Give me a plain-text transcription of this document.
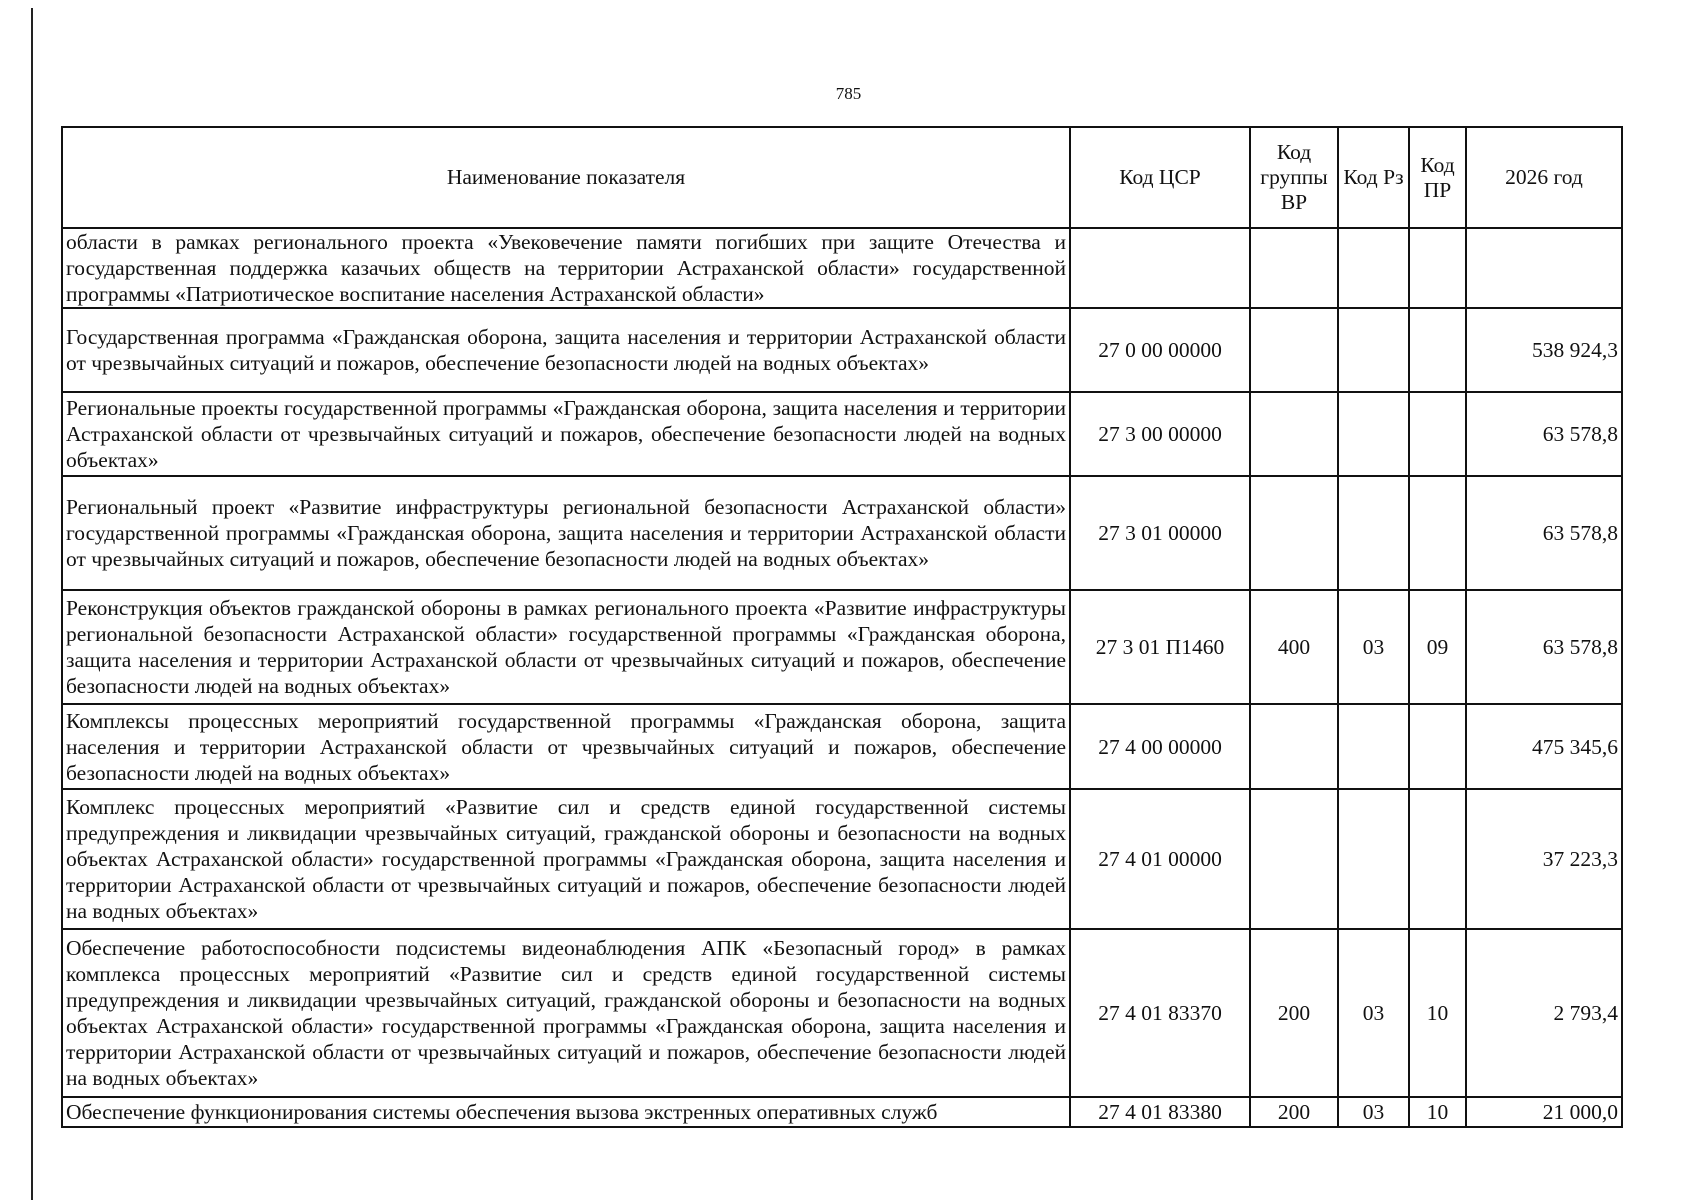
785
Наименование показателя	Код ЦСР	Код группы ВР	Код Рз	Код ПР	2026 год
области в рамках регионального проекта «Увековечение памяти погибших при защите Отечества и государственная поддержка казачьих обществ на территории Астраханской области» государственной программы «Патриотическое воспитание населения Астраханской области»					
Государственная программа «Гражданская оборона, защита населения и территории Астраханской области от чрезвычайных ситуаций и пожаров, обеспечение безопасности людей на водных объектах»	27 0 00 00000				538 924,3
Региональные проекты государственной программы «Гражданская оборона, защита населения и территории Астраханской области от чрезвычайных ситуаций и пожаров, обеспечение безопасности людей на водных объектах»	27 3 00 00000				63 578,8
Региональный проект «Развитие инфраструктуры региональной безопасности Астраханской области» государственной программы «Гражданская оборона, защита населения и территории Астраханской области от чрезвычайных ситуаций и пожаров, обеспечение безопасности людей на водных объектах»	27 3 01 00000				63 578,8
Реконструкция объектов гражданской обороны в рамках регионального проекта «Развитие инфраструктуры региональной безопасности Астраханской области» государственной программы «Гражданская оборона, защита населения и территории Астраханской области от чрезвычайных ситуаций и пожаров, обеспечение безопасности людей на водных объектах»	27 3 01 П1460	400	03	09	63 578,8
Комплексы процессных мероприятий государственной программы «Гражданская оборона, защита населения и территории Астраханской области от чрезвычайных ситуаций и пожаров, обеспечение безопасности людей на водных объектах»	27 4 00 00000				475 345,6
Комплекс процессных мероприятий «Развитие сил и средств единой государственной системы предупреждения и ликвидации чрезвычайных ситуаций, гражданской обороны и безопасности на водных объектах Астраханской области» государственной программы «Гражданская оборона, защита населения и территории Астраханской области от чрезвычайных ситуаций и пожаров, обеспечение безопасности людей на водных объектах»	27 4 01 00000				37 223,3
Обеспечение работоспособности подсистемы видеонаблюдения АПК «Безопасный город» в рамках комплекса процессных мероприятий «Развитие сил и средств единой государственной системы предупреждения и ликвидации чрезвычайных ситуаций, гражданской обороны и безопасности на водных объектах Астраханской области» государственной программы «Гражданская оборона, защита населения и территории Астраханской области от чрезвычайных ситуаций и пожаров, обеспечение безопасности людей на водных объектах»	27 4 01 83370	200	03	10	2 793,4
Обеспечение функционирования системы обеспечения вызова экстренных оперативных служб	27 4 01 83380	200	03	10	21 000,0
